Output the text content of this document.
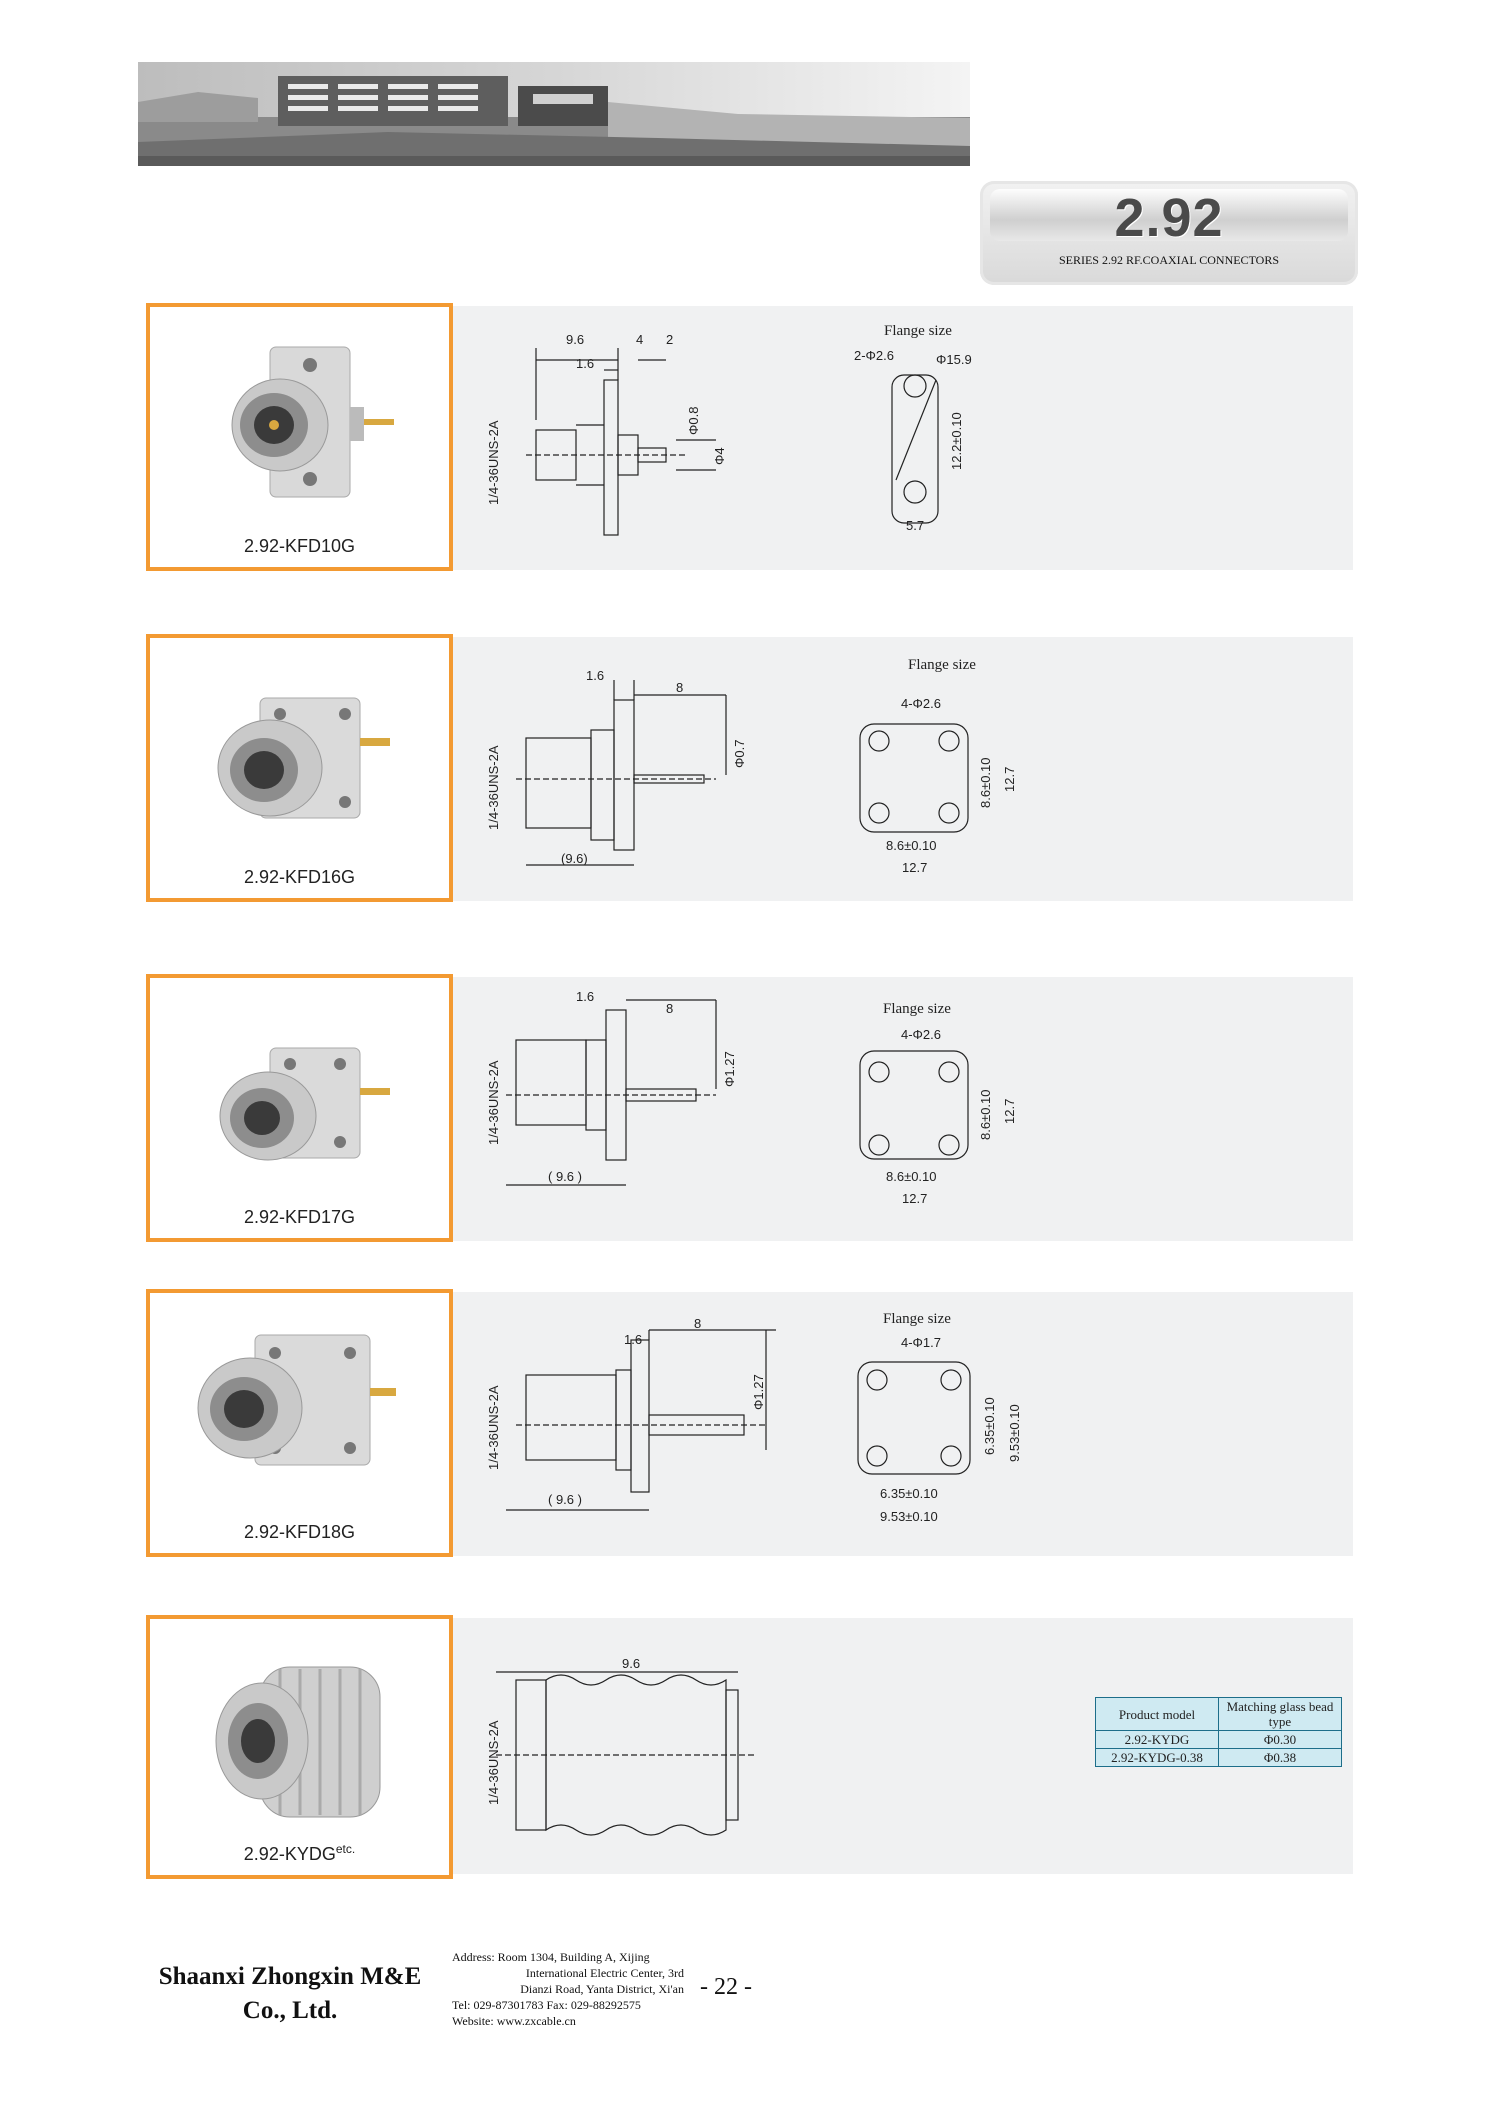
2.92
SERIES 2.92 RF.COAXIAL CONNECTORS
2.92-KFD10G
9.6
1.6
4 2
Φ0.8
Φ4
1/4-36UNS-2A
Flange size
2-Φ2.6	Φ15.9
12.2±0.10
5.7
2.92-KFD16G
1.6
8
Φ0.7
(9.6)
1/4-36UNS-2A
Flange size
4-Φ2.6
8.6±0.10 12.7
8.6±0.10
12.7
2.92-KFD17G
1.6
8
Φ1.27
( 9.6 )
1/4-36UNS-2A
Flange size
4-Φ2.6
8.6±0.10 12.7
8.6±0.10
12.7
2.92-KFD18G
1.6
8
Φ1.27
( 9.6 )
1/4-36UNS-2A
Flange size
4-Φ1.7
6.35±0.10 9.53±0.10
6.35±0.10
9.53±0.10
$2.92-KYDG^{etc.}$
9.6
1/4-36UNS-2A
Product model	Matching glass bead type
2.92-KYDG	Φ0.30
2.92-KYDG-0.38	Φ0.38
Shaanxi Zhongxin M&E
Co., Ltd.
Address: Room 1304, Building A, Xijing
International Electric Center, 3rd
Dianzi Road, Yanta District, Xi'an
Tel: 029-87301783 Fax: 029-88292575
Website: www.zxcable.cn
- 22 -
